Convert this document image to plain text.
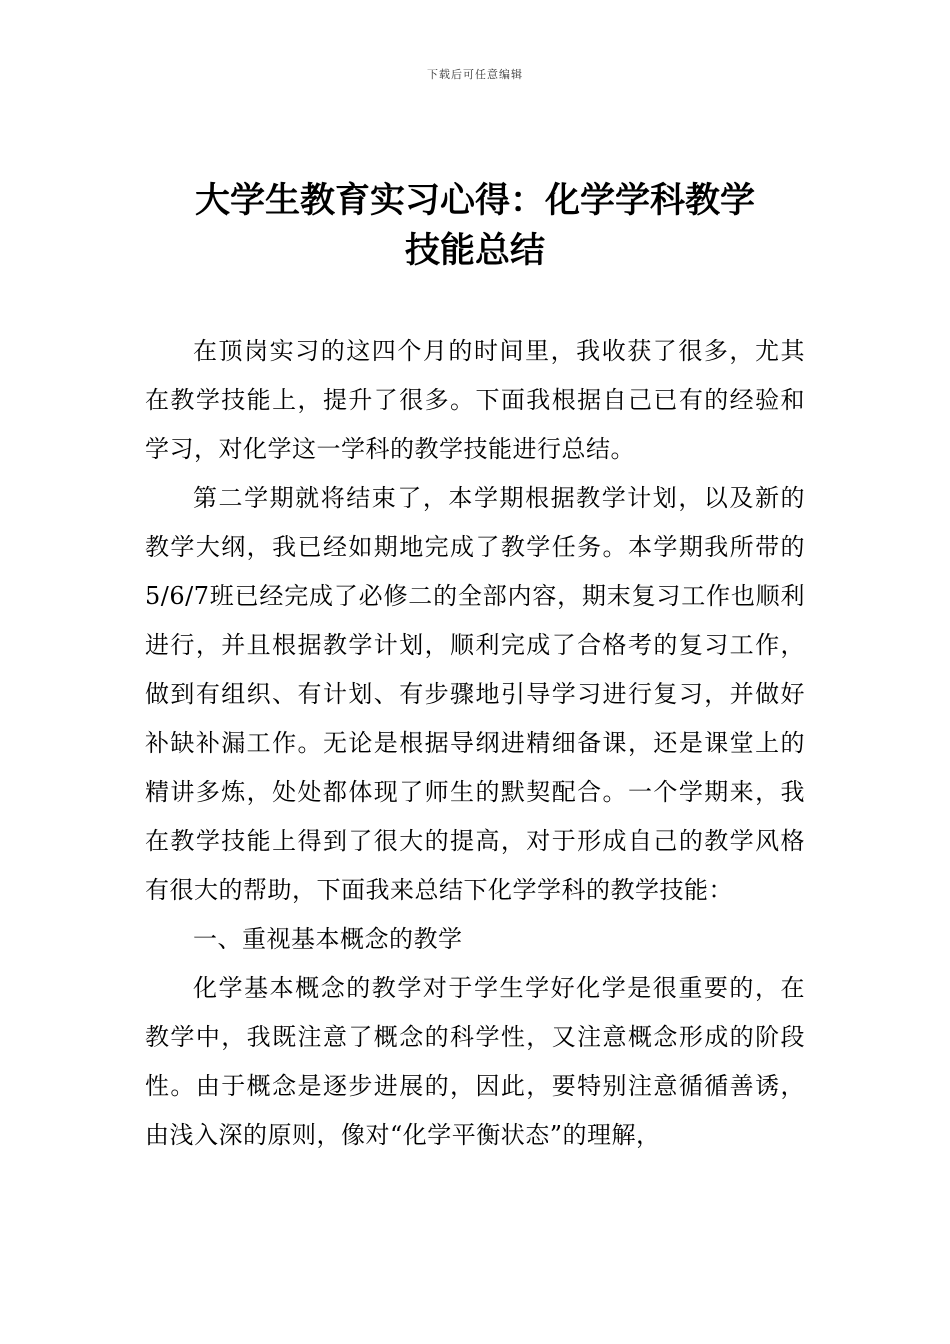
下载后可任意编辑
大学生教育实习心得：化学学科教学
技能总结

在顶岗实习的这四个月的时间里，我收获了很多，尤其在教学技能上，提升了很多。下面我根据自己已有的经验和学习，对化学这一学科的教学技能进行总结。

第二学期就将结束了，本学期根据教学计划，以及新的教学大纲，我已经如期地完成了教学任务。本学期我所带的5/6/7班已经完成了必修二的全部内容，期末复习工作也顺利进行，并且根据教学计划，顺利完成了合格考的复习工作，做到有组织、有计划、有步骤地引导学习进行复习，并做好补缺补漏工作。无论是根据导纲进精细备课，还是课堂上的精讲多炼，处处都体现了师生的默契配合。一个学期来，我在教学技能上得到了很大的提高，对于形成自己的教学风格有很大的帮助，下面我来总结下化学学科的教学技能：

一、重视基本概念的教学

化学基本概念的教学对于学生学好化学是很重要的，在教学中，我既注意了概念的科学性，又注意概念形成的阶段性。由于概念是逐步进展的，因此，要特别注意循循善诱，由浅入深的原则，像对“化学平衡状态”的理解，
